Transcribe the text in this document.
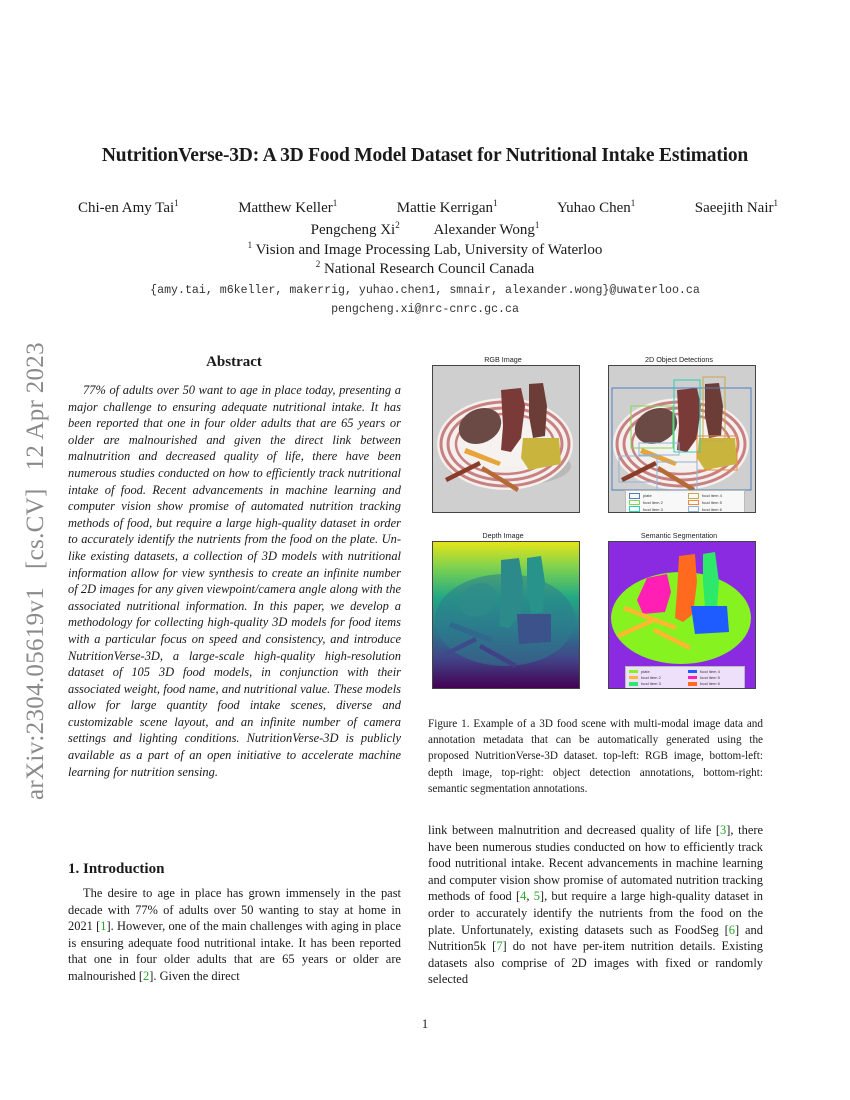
NutritionVerse-3D: A 3D Food Model Dataset for Nutritional Intake Estimation
Chi-en Amy Tai$^1$	Matthew Keller$^1$	Mattie Kerrigan$^1$	Yuhao Chen$^1$	Saeejith Nair$^1$
Pengcheng Xi$^2$ Alexander Wong$^1$
$^1$ Vision and Image Processing Lab, University of Waterloo
$^2$ National Research Council Canada
{amy.tai, m6keller, makerrig, yuhao.chen1, smnair, alexander.wong}@uwaterloo.ca
pengcheng.xi@nrc-cnrc.gc.ca
arXiv:2304.05619v1[cs.CV]12 Apr 2023	Abstract
77% of adults over 50 want to age in place today, presenting a major challenge to ensuring adequate nutritional intake. It has been reported that one in four older adults that are 65 years or older are malnourished and given the direct link between malnutrition and decreased quality of life, there have been numerous studies conducted on how to efficiently track nutritional intake of food. Recent advancements in machine learning and computer vision show promise of automated nutrition tracking methods of food, but require a large high-quality dataset in order to accurately identify the nutrients from the food on the plate. Unlike existing datasets, a collection of 3D models with nutritional information allow for view synthesis to create an infinite number of 2D images for any given viewpoint/camera angle along with the associated nutritional information. In this paper, we develop a methodology for collecting high-quality 3D models for food items with a particular focus on speed and consistency, and introduce NutritionVerse-3D, a large-scale high-quality high-resolution dataset of 105 3D food models, in conjunction with their associated weight, food name, and nutritional value. These models allow for large quantity food intake scenes, diverse and customizable scene layout, and an infinite number of camera settings and lighting conditions. NutritionVerse-3D is publicly available as a part of an open initiative to accelerate machine learning for nutrition sensing.
1. Introduction
The desire to age in place has grown immensely in the past decade with 77% of adults over 50 wanting to stay at home in 2021 [1]. However, one of the main challenges with aging in place is ensuring adequate food nutritional intake. It has been reported that one in four older adults that are 65 years or older are malnourished [2]. Given the direct
RGB Image	2D Object Detections
plate	food item 4
food item 2	food item 5
food item 3	food item 6
Depth Image	Semantic Segmentation
plate	food item 4
food item 2	food item 5
food item 3	food item 6
Figure 1. Example of a 3D food scene with multi-modal image data and annotation metadata that can be automatically generated using the proposed NutritionVerse-3D dataset. top-left: RGB image, bottom-left: depth image, top-right: object detection annotations, bottom-right: semantic segmentation annotations.
link between malnutrition and decreased quality of life [3], there have been numerous studies conducted on how to efficiently track food nutritional intake. Recent advancements in machine learning and computer vision show promise of automated nutrition tracking methods of food [4, 5], but require a large high-quality dataset in order to accurately identify the nutrients from the food on the plate. Unfortunately, existing datasets such as FoodSeg [6] and Nutrition5k [7] do not have per-item nutrition details. Existing datasets also comprise of 2D images with fixed or randomly selected
1
